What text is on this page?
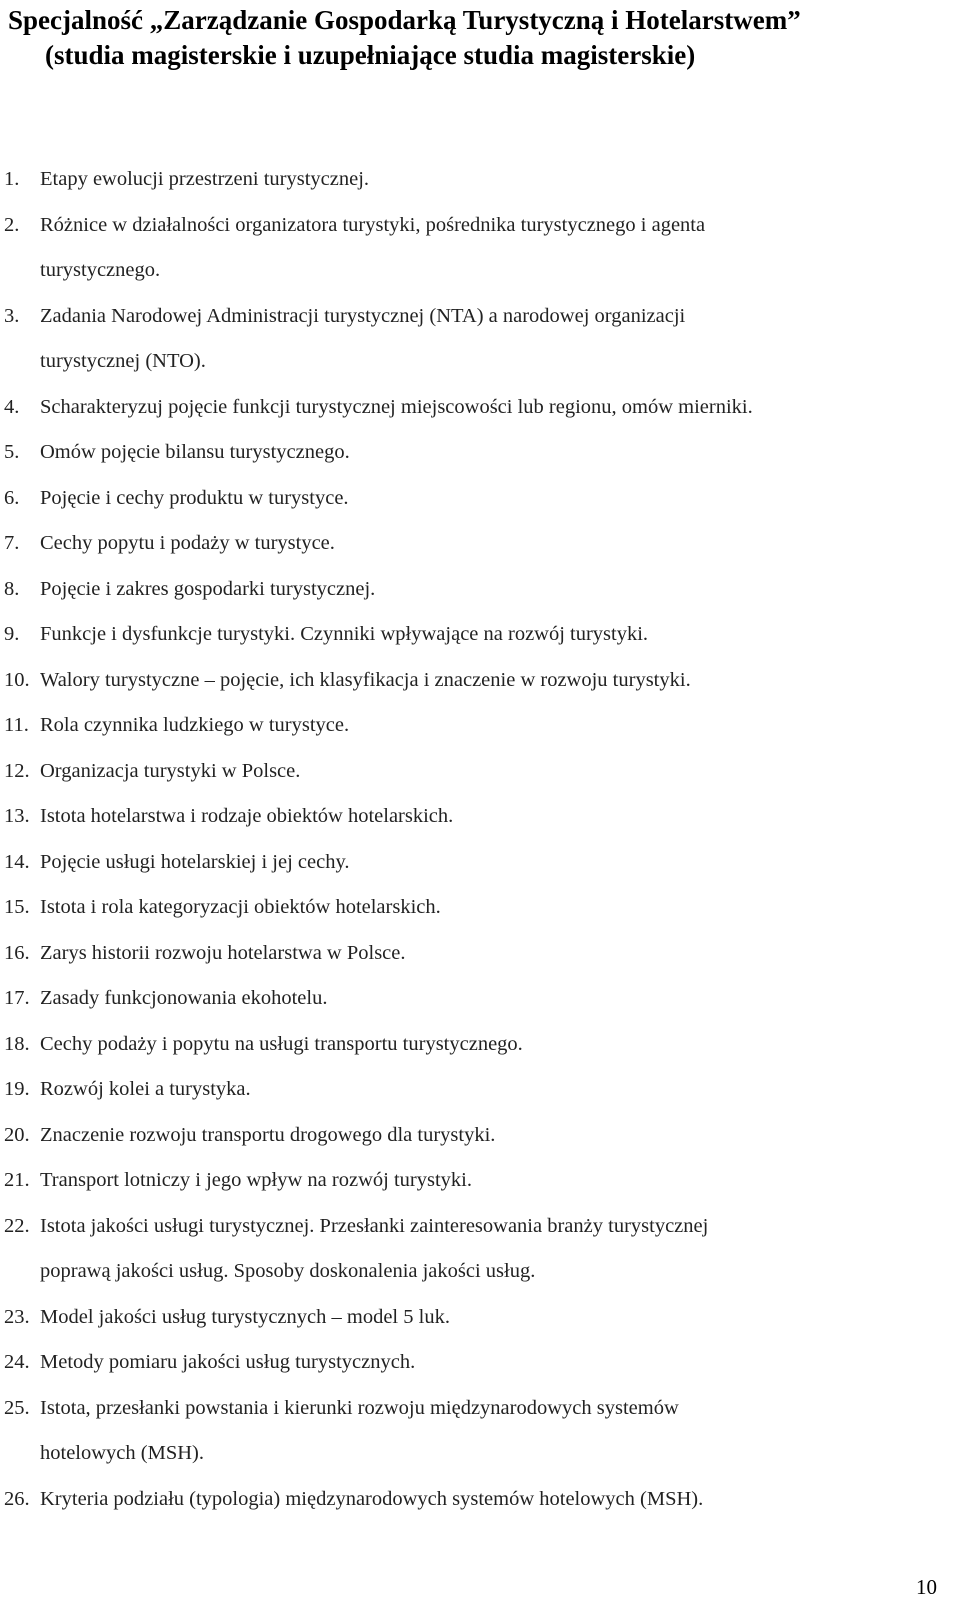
Specjalność „Zarządzanie Gospodarką Turystyczną i Hotelarstwem”
(studia magisterskie i uzupełniające studia magisterskie)
1.	Etapy ewolucji przestrzeni turystycznej.
2.	Różnice w działalności organizatora turystyki, pośrednika turystycznego i agenta
turystycznego.
3.	Zadania Narodowej Administracji turystycznej (NTA) a narodowej organizacji
turystycznej (NTO).
4.	Scharakteryzuj pojęcie funkcji turystycznej miejscowości lub regionu, omów mierniki.
5.	Omów pojęcie bilansu turystycznego.
6.	Pojęcie i cechy produktu w turystyce.
7.	Cechy popytu i podaży w turystyce.
8.	Pojęcie i zakres gospodarki turystycznej.
9.	Funkcje i dysfunkcje turystyki. Czynniki wpływające na rozwój turystyki.
10. Walory turystyczne – pojęcie, ich klasyfikacja i znaczenie w rozwoju turystyki.
11. Rola czynnika ludzkiego w turystyce.
12. Organizacja turystyki w Polsce.
13. Istota hotelarstwa i rodzaje obiektów hotelarskich.
14. Pojęcie usługi hotelarskiej i jej cechy.
15. Istota i rola kategoryzacji obiektów hotelarskich.
16. Zarys historii rozwoju hotelarstwa w Polsce.
17. Zasady funkcjonowania ekohotelu.
18. Cechy podaży i popytu na usługi transportu turystycznego.
19. Rozwój kolei a turystyka.
20. Znaczenie rozwoju transportu drogowego dla turystyki.
21. Transport lotniczy i jego wpływ na rozwój turystyki.
22. Istota jakości usługi turystycznej. Przesłanki zainteresowania branży turystycznej
poprawą jakości usług. Sposoby doskonalenia jakości usług.
23. Model jakości usług turystycznych – model 5 luk.
24. Metody pomiaru jakości usług turystycznych.
25. Istota, przesłanki powstania i kierunki rozwoju międzynarodowych systemów
hotelowych (MSH).
26. Kryteria podziału (typologia) międzynarodowych systemów hotelowych (MSH).
10
